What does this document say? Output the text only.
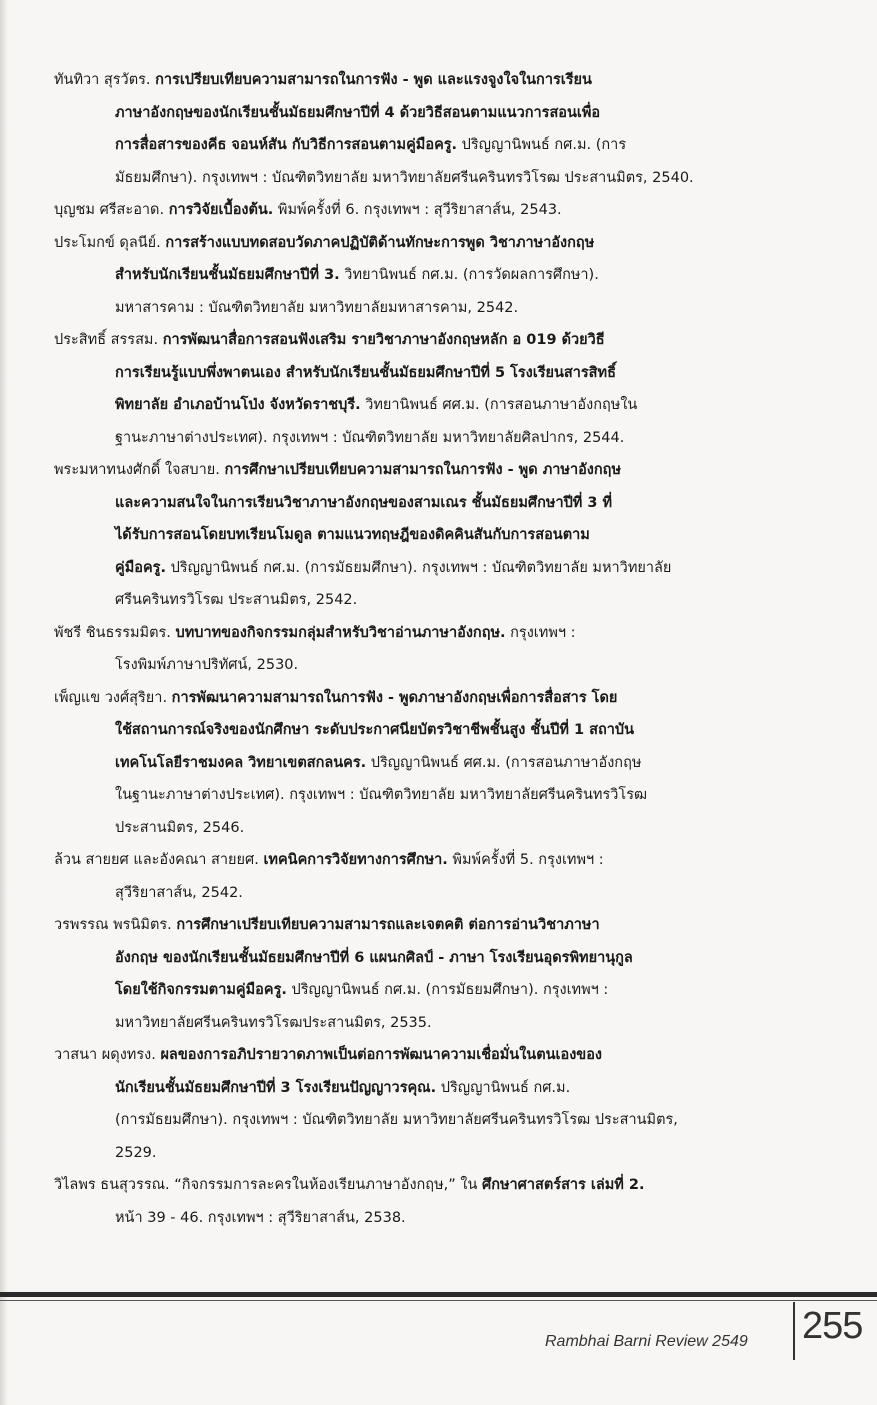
ทันทิวา สุรวัตร. การเปรียบเทียบความสามารถในการฟัง - พูด และแรงจูงใจในการเรียน
ภาษาอังกฤษของนักเรียนชั้นมัธยมศึกษาปีที่ 4 ด้วยวิธีสอนตามแนวการสอนเพื่อ
การสื่อสารของคีธ จอนห์สัน กับวิธีการสอนตามคู่มือครู. ปริญญานิพนธ์ กศ.ม. (การ
มัธยมศึกษา). กรุงเทพฯ : บัณฑิตวิทยาลัย มหาวิทยาลัยศรีนครินทรวิโรฒ ประสานมิตร, 2540.

บุญชม ศรีสะอาด. การวิจัยเบื้องต้น. พิมพ์ครั้งที่ 6. กรุงเทพฯ : สุวีริยาสาส์น, 2543.

ประโมกข์ ดุลนีย์. การสร้างแบบทดสอบวัดภาคปฏิบัติด้านทักษะการพูด วิชาภาษาอังกฤษ
สำหรับนักเรียนชั้นมัธยมศึกษาปีที่ 3. วิทยานิพนธ์ กศ.ม. (การวัดผลการศึกษา).
มหาสารคาม : บัณฑิตวิทยาลัย มหาวิทยาลัยมหาสารคาม, 2542.

ประสิทธิ์ สรรสม. การพัฒนาสื่อการสอนฟังเสริม รายวิชาภาษาอังกฤษหลัก อ 019 ด้วยวิธี
การเรียนรู้แบบพึ่งพาตนเอง สำหรับนักเรียนชั้นมัธยมศึกษาปีที่ 5 โรงเรียนสารสิทธิ์
พิทยาลัย อำเภอบ้านโป่ง จังหวัดราชบุรี. วิทยานิพนธ์ ศศ.ม. (การสอนภาษาอังกฤษใน
ฐานะภาษาต่างประเทศ). กรุงเทพฯ : บัณฑิตวิทยาลัย มหาวิทยาลัยศิลปากร, 2544.

พระมหาทนงศักดิ์ ใจสบาย. การศึกษาเปรียบเทียบความสามารถในการฟัง - พูด ภาษาอังกฤษ
และความสนใจในการเรียนวิชาภาษาอังกฤษของสามเณร ชั้นมัธยมศึกษาปีที่ 3 ที่
ได้รับการสอนโดยบทเรียนโมดูล ตามแนวทฤษฎีของดิคคินสันกับการสอนตาม
คู่มือครู. ปริญญานิพนธ์ กศ.ม. (การมัธยมศึกษา). กรุงเทพฯ : บัณฑิตวิทยาลัย มหาวิทยาลัย
ศรีนครินทรวิโรฒ ประสานมิตร, 2542.

พัชรี ชินธรรมมิตร. บทบาทของกิจกรรมกลุ่มสำหรับวิชาอ่านภาษาอังกฤษ. กรุงเทพฯ :
โรงพิมพ์ภาษาปริทัศน์, 2530.

เพ็ญแข วงศ์สุริยา. การพัฒนาความสามารถในการฟัง - พูดภาษาอังกฤษเพื่อการสื่อสาร โดย
ใช้สถานการณ์จริงของนักศึกษา ระดับประกาศนียบัตรวิชาชีพชั้นสูง ชั้นปีที่ 1 สถาบัน
เทคโนโลยีราชมงคล วิทยาเขตสกลนคร. ปริญญานิพนธ์ ศศ.ม. (การสอนภาษาอังกฤษ
ในฐานะภาษาต่างประเทศ). กรุงเทพฯ : บัณฑิตวิทยาลัย มหาวิทยาลัยศรีนครินทรวิโรฒ
ประสานมิตร, 2546.

ล้วน สายยศ และอังคณา สายยศ. เทคนิคการวิจัยทางการศึกษา. พิมพ์ครั้งที่ 5. กรุงเทพฯ :
สุวีริยาสาส์น, 2542.

วรพรรณ พรนิมิตร. การศึกษาเปรียบเทียบความสามารถและเจตคติ ต่อการอ่านวิชาภาษา
อังกฤษ ของนักเรียนชั้นมัธยมศึกษาปีที่ 6 แผนกศิลป์ - ภาษา โรงเรียนอุดรพิทยานุกูล
โดยใช้กิจกรรมตามคู่มือครู. ปริญญานิพนธ์ กศ.ม. (การมัธยมศึกษา). กรุงเทพฯ :
มหาวิทยาลัยศรีนครินทรวิโรฒประสานมิตร, 2535.

วาสนา ผดุงทรง. ผลของการอภิปรายวาดภาพเป็นต่อการพัฒนาความเชื่อมั่นในตนเองของ
นักเรียนชั้นมัธยมศึกษาปีที่ 3 โรงเรียนปัญญาวรคุณ. ปริญญานิพนธ์ กศ.ม.
(การมัธยมศึกษา). กรุงเทพฯ : บัณฑิตวิทยาลัย มหาวิทยาลัยศรีนครินทรวิโรฒ ประสานมิตร,
2529.

วิไลพร ธนสุวรรณ. “กิจกรรมการละครในห้องเรียนภาษาอังกฤษ,” ใน ศึกษาศาสตร์สาร เล่มที่ 2.
หน้า 39 - 46. กรุงเทพฯ : สุวีริยาสาส์น, 2538.

Rambhai Barni Review 2549	255
